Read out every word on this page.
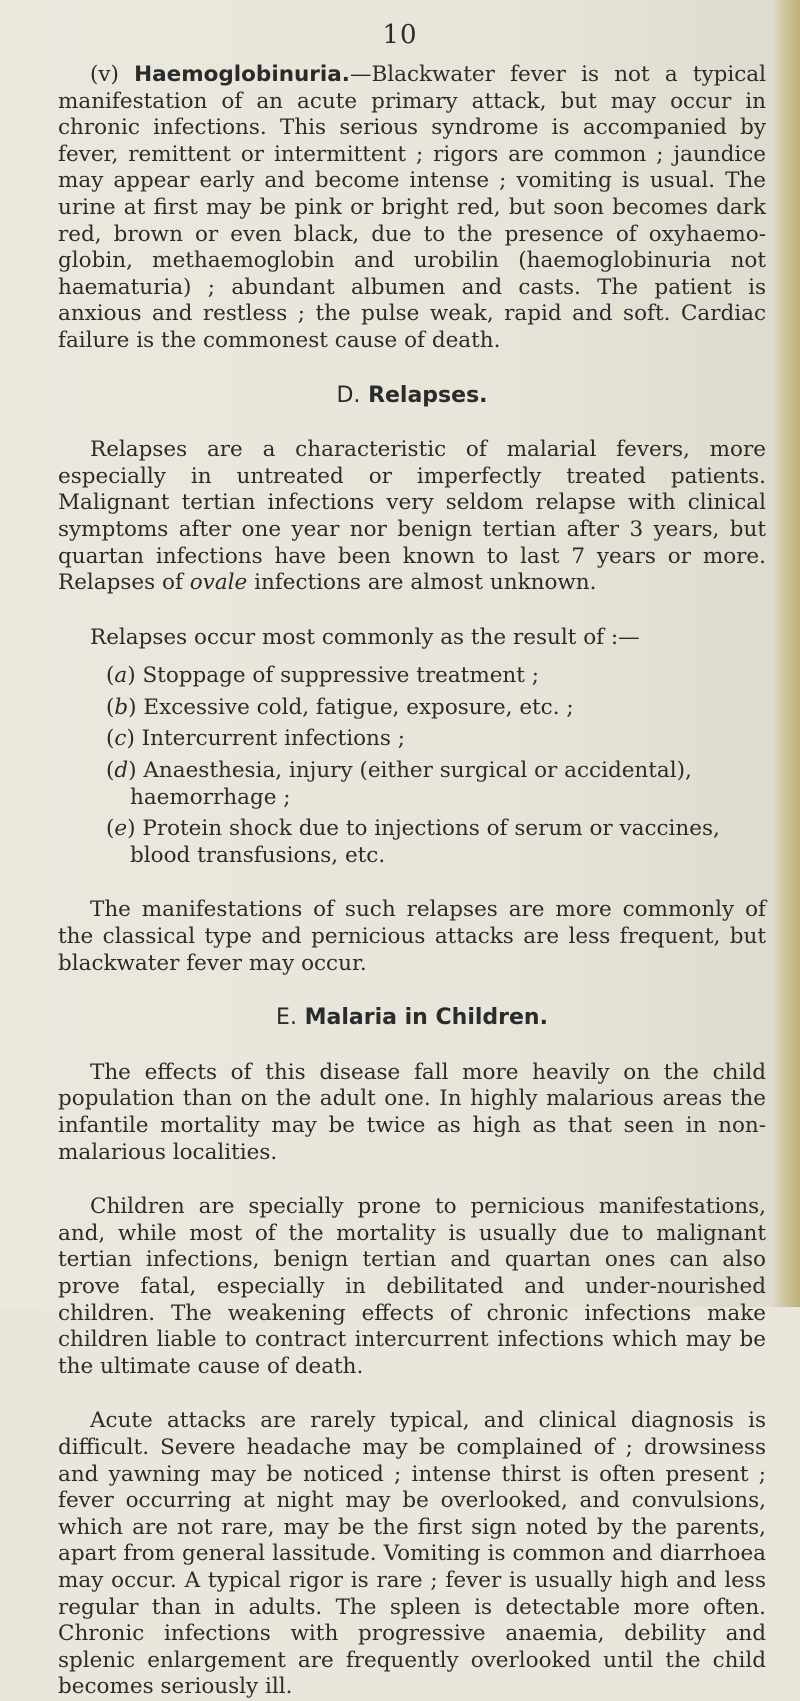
10

(v) Haemoglobinuria.—Blackwater fever is not a typical manifestation of an acute primary attack, but may occur in chronic infections. This serious syndrome is accompanied by fever, remittent or intermittent ; rigors are common ; jaundice may appear early and become intense ; vomiting is usual. The urine at first may be pink or bright red, but soon becomes dark red, brown or even black, due to the presence of oxyhaemoglobin, methaemoglobin and urobilin (haemoglobinuria not haematuria) ; abundant albumen and casts. The patient is anxious and restless ; the pulse weak, rapid and soft. Cardiac failure is the commonest cause of death.

D. Relapses.

Relapses are a characteristic of malarial fevers, more especially in untreated or imperfectly treated patients. Malignant tertian infections very seldom relapse with clinical symptoms after one year nor benign tertian after 3 years, but quartan infections have been known to last 7 years or more. Relapses of ovale infections are almost unknown.

Relapses occur most commonly as the result of :—

(a) Stoppage of suppressive treatment ;
(b) Excessive cold, fatigue, exposure, etc. ;
(c) Intercurrent infections ;
(d) Anaesthesia, injury (either surgical or accidental), haemorrhage ;
(e) Protein shock due to injections of serum or vaccines, blood transfusions, etc.

The manifestations of such relapses are more commonly of the classical type and pernicious attacks are less frequent, but blackwater fever may occur.

E. Malaria in Children.

The effects of this disease fall more heavily on the child population than on the adult one. In highly malarious areas the infantile mortality may be twice as high as that seen in non-malarious localities.

Children are specially prone to pernicious manifestations, and, while most of the mortality is usually due to malignant tertian infections, benign tertian and quartan ones can also prove fatal, especially in debilitated and under-nourished children. The weakening effects of chronic infections make children liable to contract intercurrent infections which may be the ultimate cause of death.

Acute attacks are rarely typical, and clinical diagnosis is difficult. Severe headache may be complained of ; drowsiness and yawning may be noticed ; intense thirst is often present ; fever occurring at night may be overlooked, and convulsions, which are not rare, may be the first sign noted by the parents, apart from general lassitude. Vomiting is common and diarrhoea may occur. A typical rigor is rare ; fever is usually high and less regular than in adults. The spleen is detectable more often. Chronic infections with progressive anaemia, debility and splenic enlargement are frequently overlooked until the child becomes seriously ill.
